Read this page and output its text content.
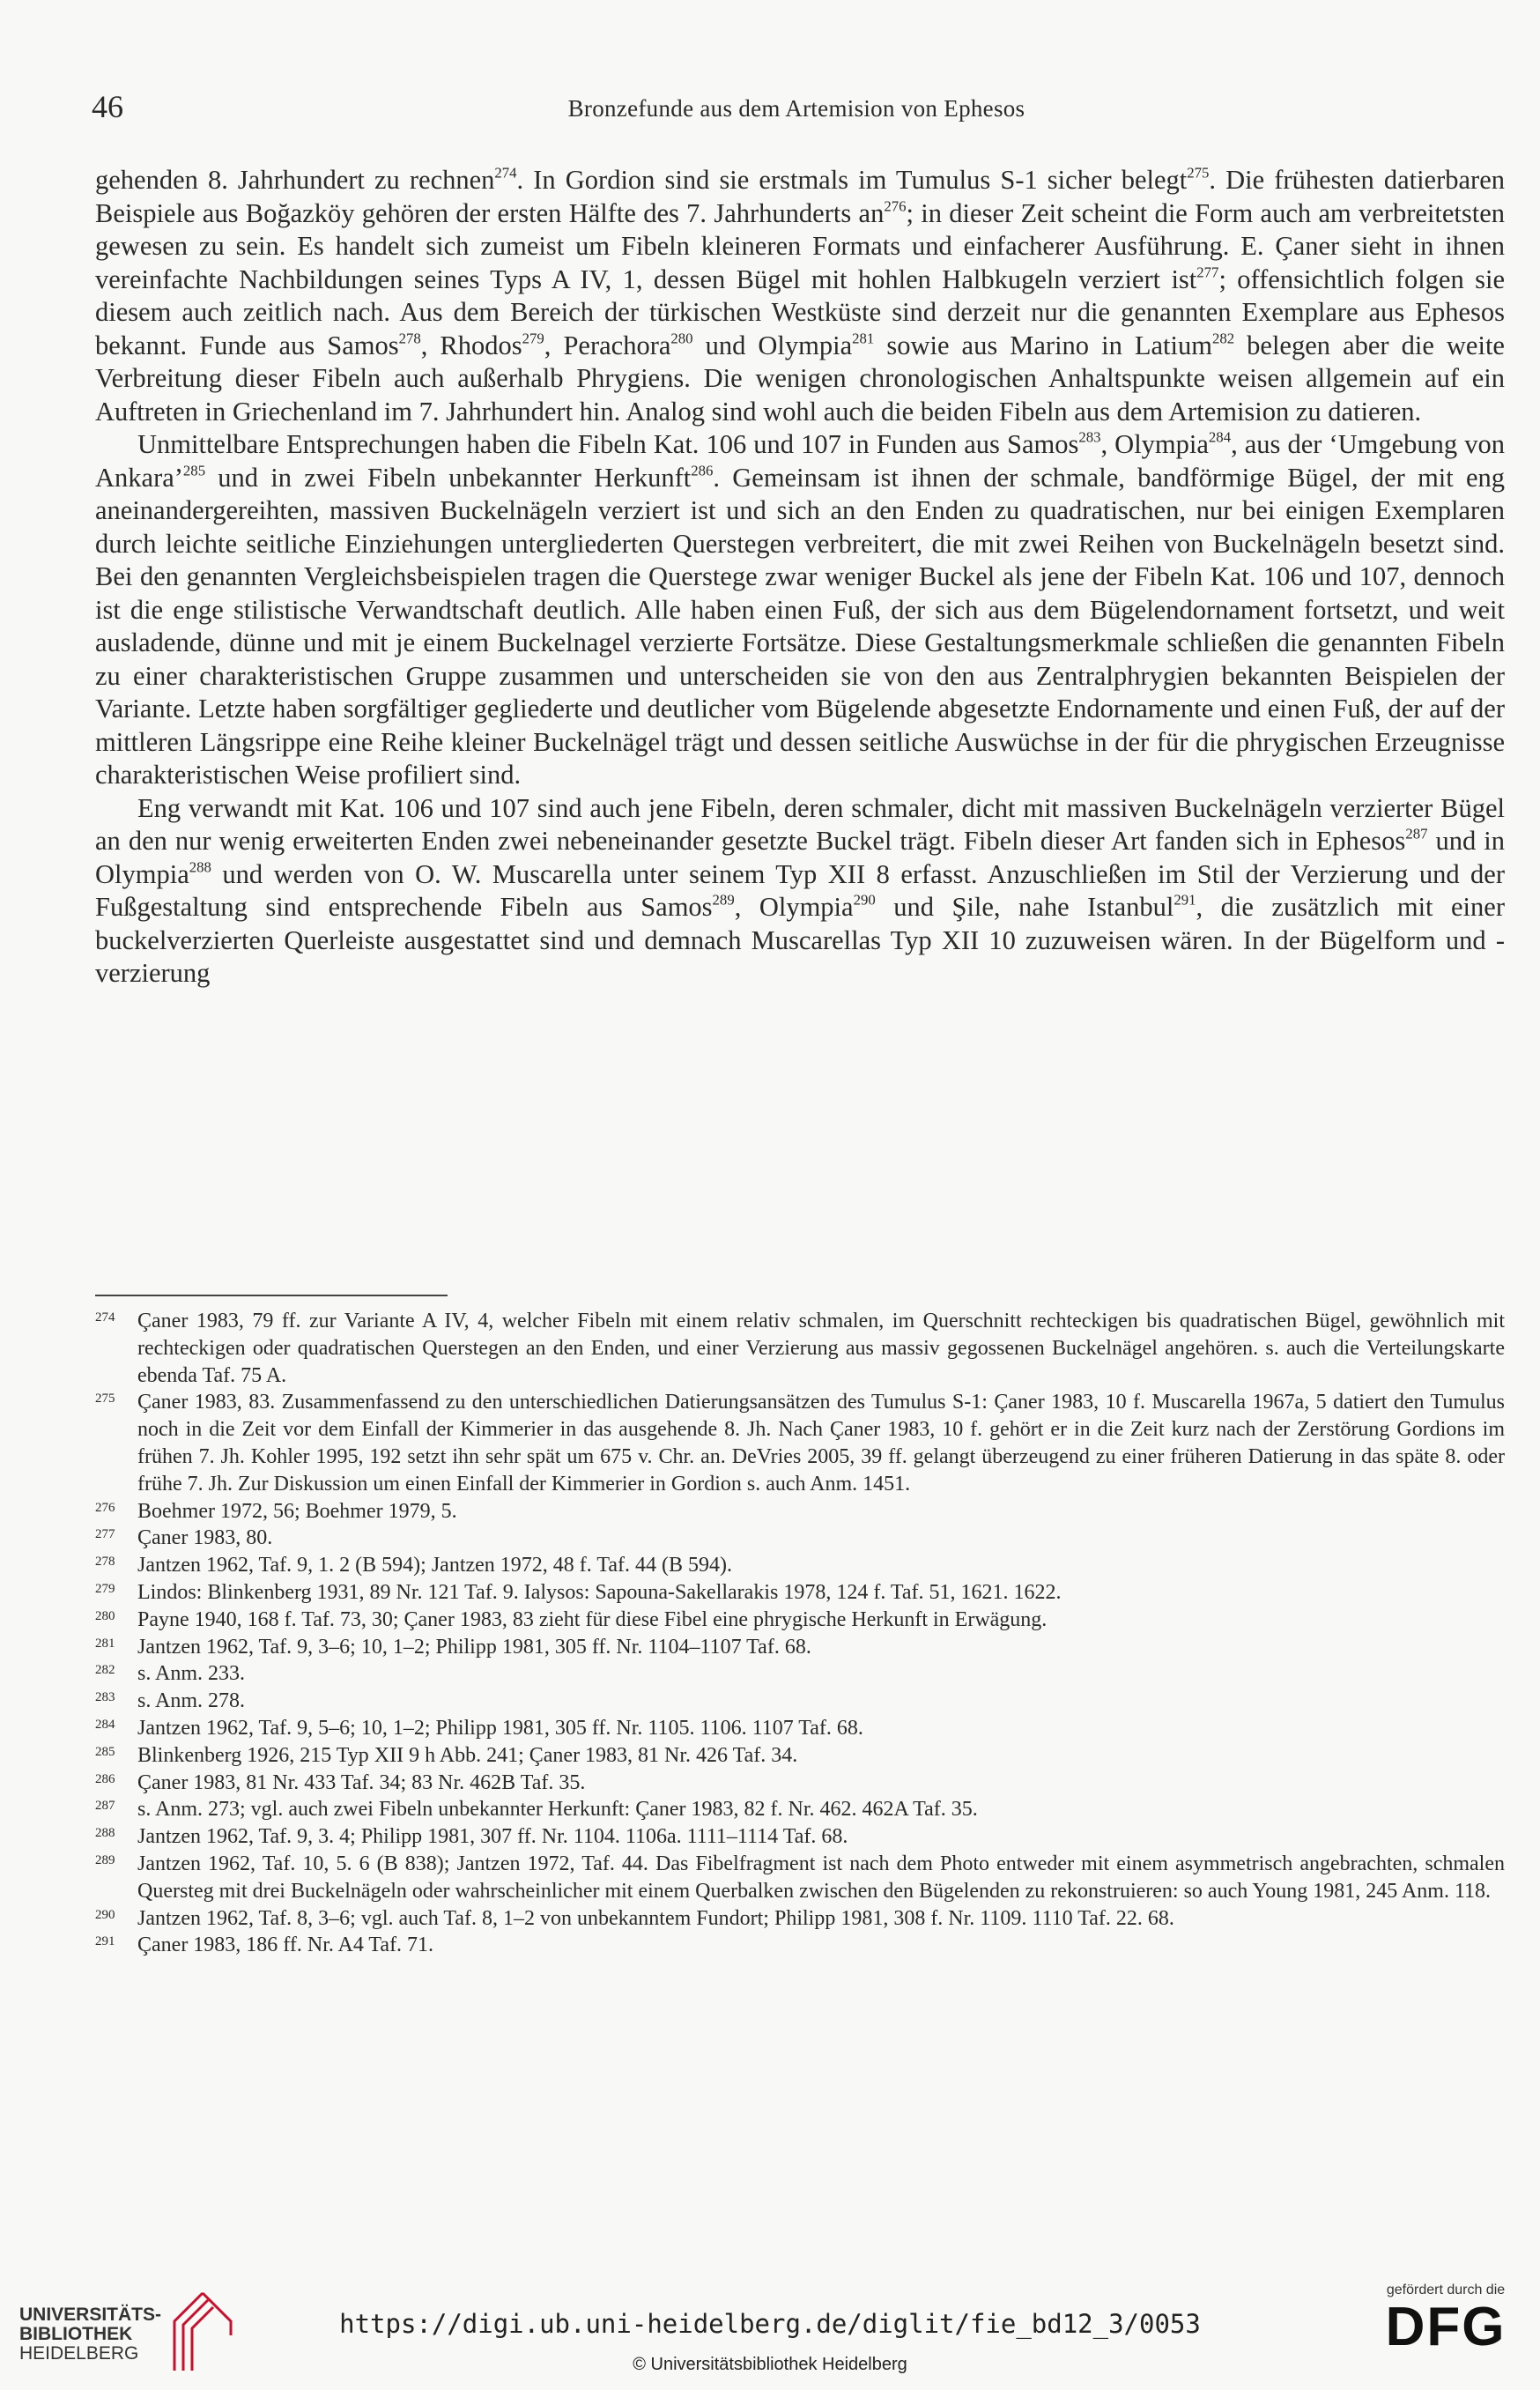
46	Bronzefunde aus dem Artemision von Ephesos

gehenden 8. Jahrhundert zu rechnen$^{274}$. In Gordion sind sie erstmals im Tumulus S-1 sicher belegt$^{275}$. Die frühesten datierbaren Beispiele aus Boğazköy gehören der ersten Hälfte des 7. Jahrhunderts $an^{276}$; in dieser Zeit scheint die Form auch am verbreitetsten gewesen zu sein. Es handelt sich zumeist um Fibeln kleineren Formats und einfacherer Ausführung. E. Çaner sieht in ihnen vereinfachte Nachbildungen seines Typs A IV, 1, dessen Bügel mit hohlen Halbkugeln verziert ist$^{277}$; offensichtlich folgen sie diesem auch zeitlich nach. Aus dem Bereich der türkischen Westküste sind derzeit nur die genannten Exemplare aus Ephesos bekannt. Funde aus Samos$^{278}$, Rhodos$^{279}$, Perachora$^{280}$ und Olympia$^{281}$ sowie aus Marino in Latium$^{282}$ belegen aber die weite Verbreitung dieser Fibeln auch außerhalb Phrygiens. Die wenigen chronologischen Anhaltspunkte weisen allgemein auf ein Auftreten in Griechenland im 7. Jahrhundert hin. Analog sind wohl auch die beiden Fibeln aus dem Artemision zu datieren.

Unmittelbare Entsprechungen haben die Fibeln Kat. 106 und 107 in Funden aus Samos$^{283}$, Olympia$^{284}$, aus der ‘Umgebung von Ankara’$^{285}$ und in zwei Fibeln unbekannter Herkunft$^{286}$. Gemeinsam ist ihnen der schmale, bandförmige Bügel, der mit eng aneinandergereihten, massiven Buckelnägeln verziert ist und sich an den Enden zu quadratischen, nur bei einigen Exemplaren durch leichte seitliche Einziehungen untergliederten Querstegen verbreitert, die mit zwei Reihen von Buckelnägeln besetzt sind. Bei den genannten Vergleichsbeispielen tragen die Querstege zwar weniger Buckel als jene der Fibeln Kat. 106 und 107, dennoch ist die enge stilistische Verwandtschaft deutlich. Alle haben einen Fuß, der sich aus dem Bügelendornament fortsetzt, und weit ausladende, dünne und mit je einem Buckelnagel verzierte Fortsätze. Diese Gestaltungsmerkmale schließen die genannten Fibeln zu einer charakteristischen Gruppe zusammen und unterscheiden sie von den aus Zentralphrygien bekannten Beispielen der Variante. Letzte haben sorgfältiger gegliederte und deutlicher vom Bügelende abgesetzte Endornamente und einen Fuß, der auf der mittleren Längsrippe eine Reihe kleiner Buckelnägel trägt und dessen seitliche Auswüchse in der für die phrygischen Erzeugnisse charakteristischen Weise profiliert sind.

Eng verwandt mit Kat. 106 und 107 sind auch jene Fibeln, deren schmaler, dicht mit massiven Buckelnägeln verzierter Bügel an den nur wenig erweiterten Enden zwei nebeneinander gesetzte Buckel trägt. Fibeln dieser Art fanden sich in Ephesos$^{287}$ und in Olympia$^{288}$ und werden von O. W. Muscarella unter seinem Typ XII 8 erfasst. Anzuschließen im Stil der Verzierung und der Fußgestaltung sind entsprechende Fibeln aus Samos$^{289}$, Olympia$^{290}$ und Şile, nahe Istanbul$^{291}$, die zusätzlich mit einer buckelverzierten Querleiste ausgestattet sind und demnach Muscarellas Typ XII 10 zuzuweisen wären. In der Bügelform und -verzierung

274	Çaner 1983, 79 ff. zur Variante A IV, 4, welcher Fibeln mit einem relativ schmalen, im Querschnitt rechteckigen bis quadratischen Bügel, gewöhnlich mit rechteckigen oder quadratischen Querstegen an den Enden, und einer Verzierung aus massiv gegossenen Buckelnägel angehören. s. auch die Verteilungskarte ebenda Taf. 75 A.
275	Çaner 1983, 83. Zusammenfassend zu den unterschiedlichen Datierungsansätzen des Tumulus S-1: Çaner 1983, 10 f. Muscarella 1967a, 5 datiert den Tumulus noch in die Zeit vor dem Einfall der Kimmerier in das ausgehende 8. Jh. Nach Çaner 1983, 10 f. gehört er in die Zeit kurz nach der Zerstörung Gordions im frühen 7. Jh. Kohler 1995, 192 setzt ihn sehr spät um 675 v. Chr. an. DeVries 2005, 39 ff. gelangt überzeugend zu einer früheren Datierung in das späte 8. oder frühe 7. Jh. Zur Diskussion um einen Einfall der Kimmerier in Gordion s. auch Anm. 1451.
276	Boehmer 1972, 56; Boehmer 1979, 5.
277	Çaner 1983, 80.
278	Jantzen 1962, Taf. 9, 1. 2 (B 594); Jantzen 1972, 48 f. Taf. 44 (B 594).
279	Lindos: Blinkenberg 1931, 89 Nr. 121 Taf. 9. Ialysos: Sapouna-Sakellarakis 1978, 124 f. Taf. 51, 1621. 1622.
280	Payne 1940, 168 f. Taf. 73, 30; Çaner 1983, 83 zieht für diese Fibel eine phrygische Herkunft in Erwägung.
281	Jantzen 1962, Taf. 9, 3–6; 10, 1–2; Philipp 1981, 305 ff. Nr. 1104–1107 Taf. 68.
282	s. Anm. 233.
283	s. Anm. 278.
284	Jantzen 1962, Taf. 9, 5–6; 10, 1–2; Philipp 1981, 305 ff. Nr. 1105. 1106. 1107 Taf. 68.
285	Blinkenberg 1926, 215 Typ XII 9 h Abb. 241; Çaner 1983, 81 Nr. 426 Taf. 34.
286	Çaner 1983, 81 Nr. 433 Taf. 34; 83 Nr. 462B Taf. 35.
287	s. Anm. 273; vgl. auch zwei Fibeln unbekannter Herkunft: Çaner 1983, 82 f. Nr. 462. 462A Taf. 35.
288	Jantzen 1962, Taf. 9, 3. 4; Philipp 1981, 307 ff. Nr. 1104. 1106a. 1111–1114 Taf. 68.
289	Jantzen 1962, Taf. 10, 5. 6 (B 838); Jantzen 1972, Taf. 44. Das Fibelfragment ist nach dem Photo entweder mit einem asymmetrisch angebrachten, schmalen Quersteg mit drei Buckelnägeln oder wahrscheinlicher mit einem Querbalken zwischen den Bügelenden zu rekonstruieren: so auch Young 1981, 245 Anm. 118.
290	Jantzen 1962, Taf. 8, 3–6; vgl. auch Taf. 8, 1–2 von unbekanntem Fundort; Philipp 1981, 308 f. Nr. 1109. 1110 Taf. 22. 68.
291	Çaner 1983, 186 ff. Nr. A4 Taf. 71.
UNIVERSITÄTS-
BIBLIOTHEK
HEIDELBERG
https://digi.ub.uni-heidelberg.de/diglit/fie_bd12_3/0053
© Universitätsbibliothek Heidelberg
gefördert durch die
DFG
